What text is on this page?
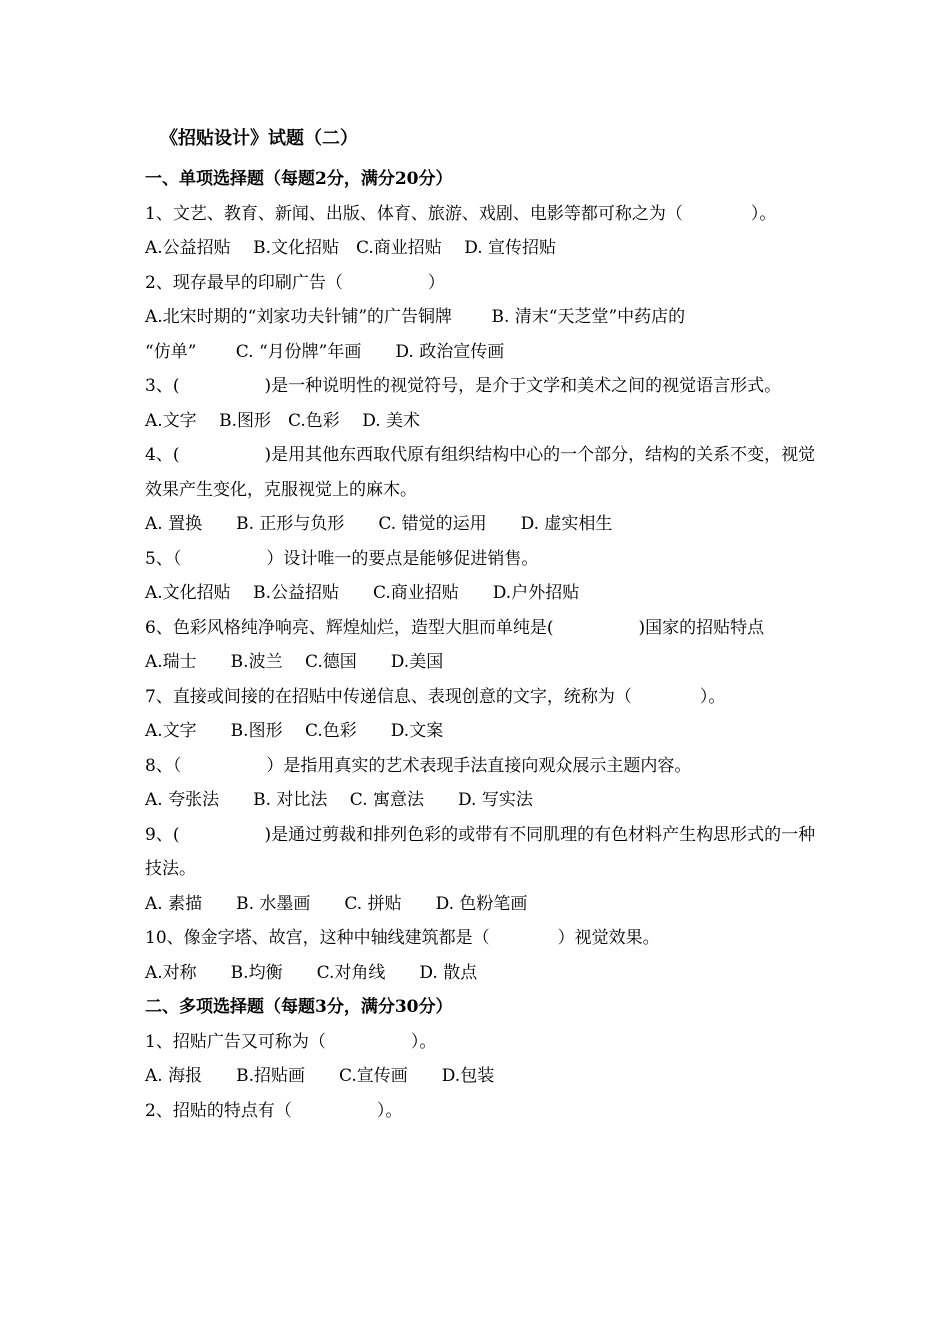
《招贴设计》试题（二）
一、单项选择题（每题2分，满分20分）
1、文艺、教育、新闻、出版、体育、旅游、戏剧、电影等都可称之为（　　　　）。
A.公益招贴　 B.文化招贴　C.商业招贴　 D. 宣传招贴
2、现存最早的印刷广告（　　　　　）
A.北宋时期的“刘家功夫针铺”的广告铜牌　　 B. 清末“天芝堂”中药店的
“仿单”　　 C. “月份牌”年画　　D. 政治宣传画
3、(　　　　　)是一种说明性的视觉符号，是介于文学和美术之间的视觉语言形式。
A.文字　 B.图形　C.色彩　 D. 美术
4、(　　　　　)是用其他东西取代原有组织结构中心的一个部分，结构的关系不变，视觉效果产生变化，克服视觉上的麻木。
A. 置换　　B. 正形与负形　　C. 错觉的运用　　D. 虚实相生
5、（　　　　　）设计唯一的要点是能够促进销售。
A.文化招贴　 B.公益招贴　　C.商业招贴　　D.户外招贴
6、色彩风格纯净响亮、辉煌灿烂，造型大胆而单纯是(　　　　　)国家的招贴特点
A.瑞士　　B.波兰　 C.德国　　D.美国
7、直接或间接的在招贴中传递信息、表现创意的文字，统称为（　　　　）。
A.文字　　B.图形　 C.色彩　　D.文案
8、（　　　　　）是指用真实的艺术表现手法直接向观众展示主题内容。
A. 夸张法　　B. 对比法　 C. 寓意法　　D. 写实法
9、(　　　　　)是通过剪裁和排列色彩的或带有不同肌理的有色材料产生构思形式的一种技法。
A. 素描　　B. 水墨画　　C. 拼贴　　D. 色粉笔画
10、像金字塔、故宫，这种中轴线建筑都是（　　　　）视觉效果。
A.对称　　B.均衡　　C.对角线　　D. 散点
二、多项选择题（每题3分，满分30分）
1、招贴广告又可称为（　　　　　）。
A. 海报　　B.招贴画　　C.宣传画　　D.包装
2、招贴的特点有（　　　　　）。
